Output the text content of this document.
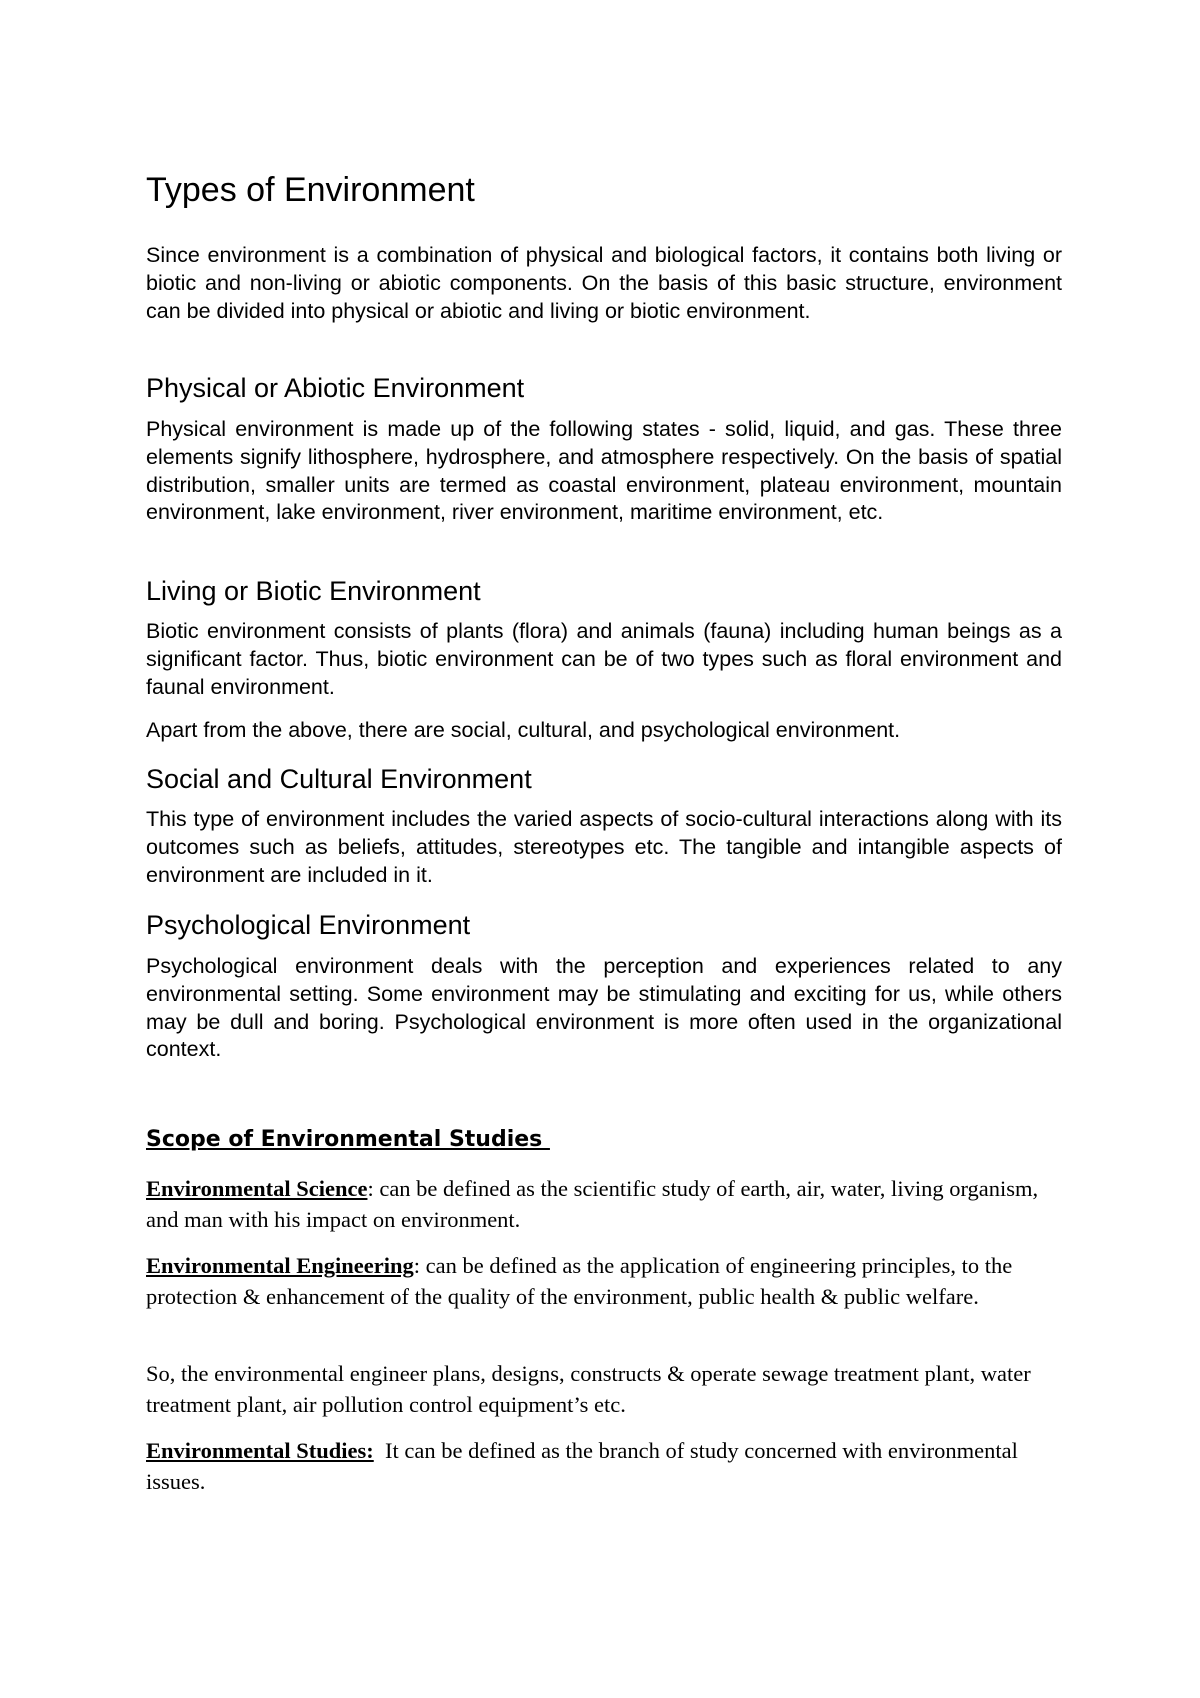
Types of Environment

Since environment is a combination of physical and biological factors, it contains both living or biotic and non-living or abiotic components. On the basis of this basic structure, environment can be divided into physical or abiotic and living or biotic environment.

Physical or Abiotic Environment

Physical environment is made up of the following states - solid, liquid, and gas. These three elements signify lithosphere, hydrosphere, and atmosphere respectively. On the basis of spatial distribution, smaller units are termed as coastal environment, plateau environment, mountain environment, lake environment, river environment, maritime environment, etc.

Living or Biotic Environment

Biotic environment consists of plants (flora) and animals (fauna) including human beings as a significant factor. Thus, biotic environment can be of two types such as floral environment and faunal environment.

Apart from the above, there are social, cultural, and psychological environment.

Social and Cultural Environment

This type of environment includes the varied aspects of socio-cultural interactions along with its outcomes such as beliefs, attitudes, stereotypes etc. The tangible and intangible aspects of environment are included in it.

Psychological Environment

Psychological environment deals with the perception and experiences related to any environmental setting. Some environment may be stimulating and exciting for us, while others may be dull and boring. Psychological environment is more often used in the organizational context.

Scope of Environmental Studies

Environmental Science: can be defined as the scientific study of earth, air, water, living organism, and man with his impact on environment.

Environmental Engineering: can be defined as the application of engineering principles, to the protection & enhancement of the quality of the environment, public health & public welfare.

So, the environmental engineer plans, designs, constructs & operate sewage treatment plant, water treatment plant, air pollution control equipment’s etc.

Environmental Studies:  It can be defined as the branch of study concerned with environmental issues.
